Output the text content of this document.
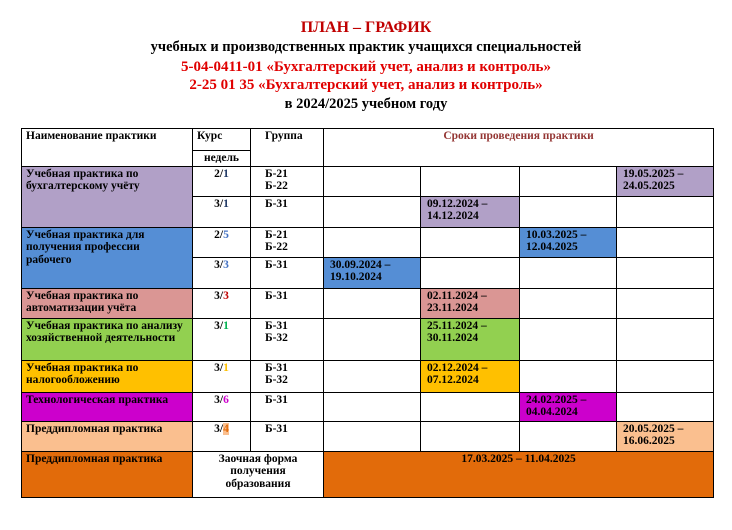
ПЛАН – ГРАФИК
учебных и производственных практик учащихся специальностей
5-04-0411-01 «Бухгалтерский учет, анализ и контроль»
2-25 01 35 «Бухгалтерский учет, анализ и контроль»
в 2024/2025 учебном году
Наименование практики	Курс	Группа	Сроки проведения практики			
	недель					
Учебная практика по бухгалтерскому учёту	2/1	Б-21
Б-22				19.05.2025 – 24.05.2025
	3/1	Б-31		09.12.2024 – 14.12.2024		
Учебная практика для получения профессии рабочего	2/5	Б-21
Б-22			10.03.2025 – 12.04.2025	
	3/3	Б-31	30.09.2024 – 19.10.2024			
Учебная практика по автоматизации учёта	3/3	Б-31		02.11.2024 – 23.11.2024		
Учебная практика по анализу хозяйственной деятельности	3/1	Б-31
Б-32		25.11.2024 – 30.11.2024		
Учебная практика по налогообложению	3/1	Б-31
Б-32		02.12.2024 – 07.12.2024		
Технологическая практика	3/6	Б-31			24.02.2025 – 04.04.2024	
Преддипломная практика	3/4	Б-31				20.05.2025 – 16.06.2025
Преддипломная практика	Заочная форма получения образования		17.03.2025 – 11.04.2025			
